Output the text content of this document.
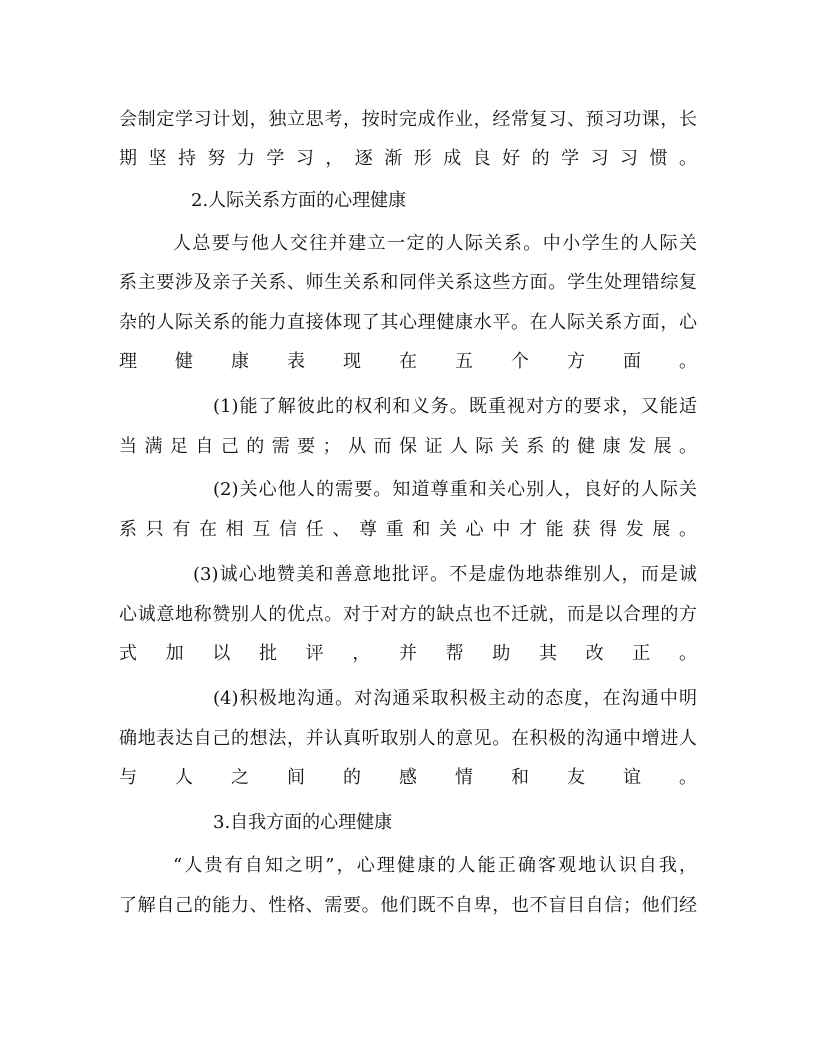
会制定学习计划，独立思考，按时完成作业，经常复习、预习功课，长
期坚持努力学习，逐渐形成良好的学习习惯。
2.人际关系方面的心理健康
人总要与他人交往并建立一定的人际关系。中小学生的人际关
系主要涉及亲子关系、师生关系和同伴关系这些方面。学生处理错综复
杂的人际关系的能力直接体现了其心理健康水平。在人际关系方面，心
理健康表现在五个方面。
(1)能了解彼此的权利和义务。既重视对方的要求，又能适
当满足自己的需要；从而保证人际关系的健康发展。
(2)关心他人的需要。知道尊重和关心别人，良好的人际关
系只有在相互信任、尊重和关心中才能获得发展。
(3)诚心地赞美和善意地批评。不是虚伪地恭维别人，而是诚
心诚意地称赞别人的优点。对于对方的缺点也不迁就，而是以合理的方
式加以批评，并帮助其改正。
(4)积极地沟通。对沟通采取积极主动的态度，在沟通中明
确地表达自己的想法，并认真听取别人的意见。在积极的沟通中增进人
与人之间的感情和友谊。
3.自我方面的心理健康
“人贵有自知之明”，心理健康的人能正确客观地认识自我，
了解自己的能力、性格、需要。他们既不自卑，也不盲目自信；他们经
